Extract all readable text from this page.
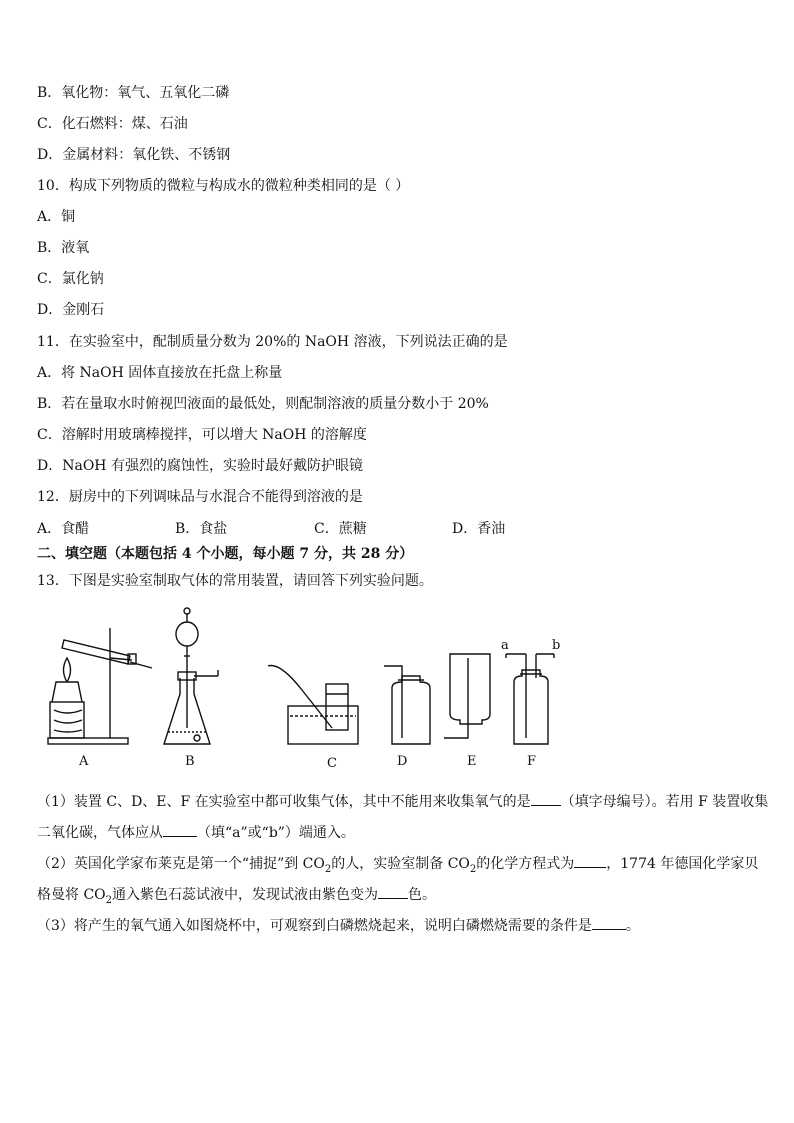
B．氧化物：氧气、五氧化二磷
C．化石燃料：煤、石油
D．金属材料：氧化铁、不锈钢
10．构成下列物质的微粒与构成水的微粒种类相同的是（ ）
A．铜
B．液氧
C．氯化钠
D．金刚石
11．在实验室中，配制质量分数为 20%的 NaOH 溶液，下列说法正确的是
A．将 NaOH 固体直接放在托盘上称量
B．若在量取水时俯视凹液面的最低处，则配制溶液的质量分数小于 20%
C．溶解时用玻璃棒搅拌，可以增大 NaOH 的溶解度
D．NaOH 有强烈的腐蚀性，实验时最好戴防护眼镜
12．厨房中的下列调味品与水混合不能得到溶液的是
A．食醋	B．食盐	C．蔗糖	D．香油
二、填空题（本题包括 4 个小题，每小题 7 分，共 28 分）
13．下图是实验室制取气体的常用装置，请回答下列实验问题。
A	B	C	D	E	F
a	b
（1）装置 C、D、E、F 在实验室中都可收集气体，其中不能用来收集氧气的是 （填字母编号）。若用 F 装置收集
二氧化碳，气体应从 （填“a”或“b”）端通入。
（2）英国化学家布莱克是第一个“捕捉”到 $CO_2$的人，实验室制备 $CO_2$的化学方程式为 ，1774 年德国化学家贝
格曼将 $CO_2$通入紫色石蕊试液中，发现试液由紫色变为 色。
（3）将产生的氧气通入如图烧杯中，可观察到白磷燃烧起来，说明白磷燃烧需要的条件是 。
